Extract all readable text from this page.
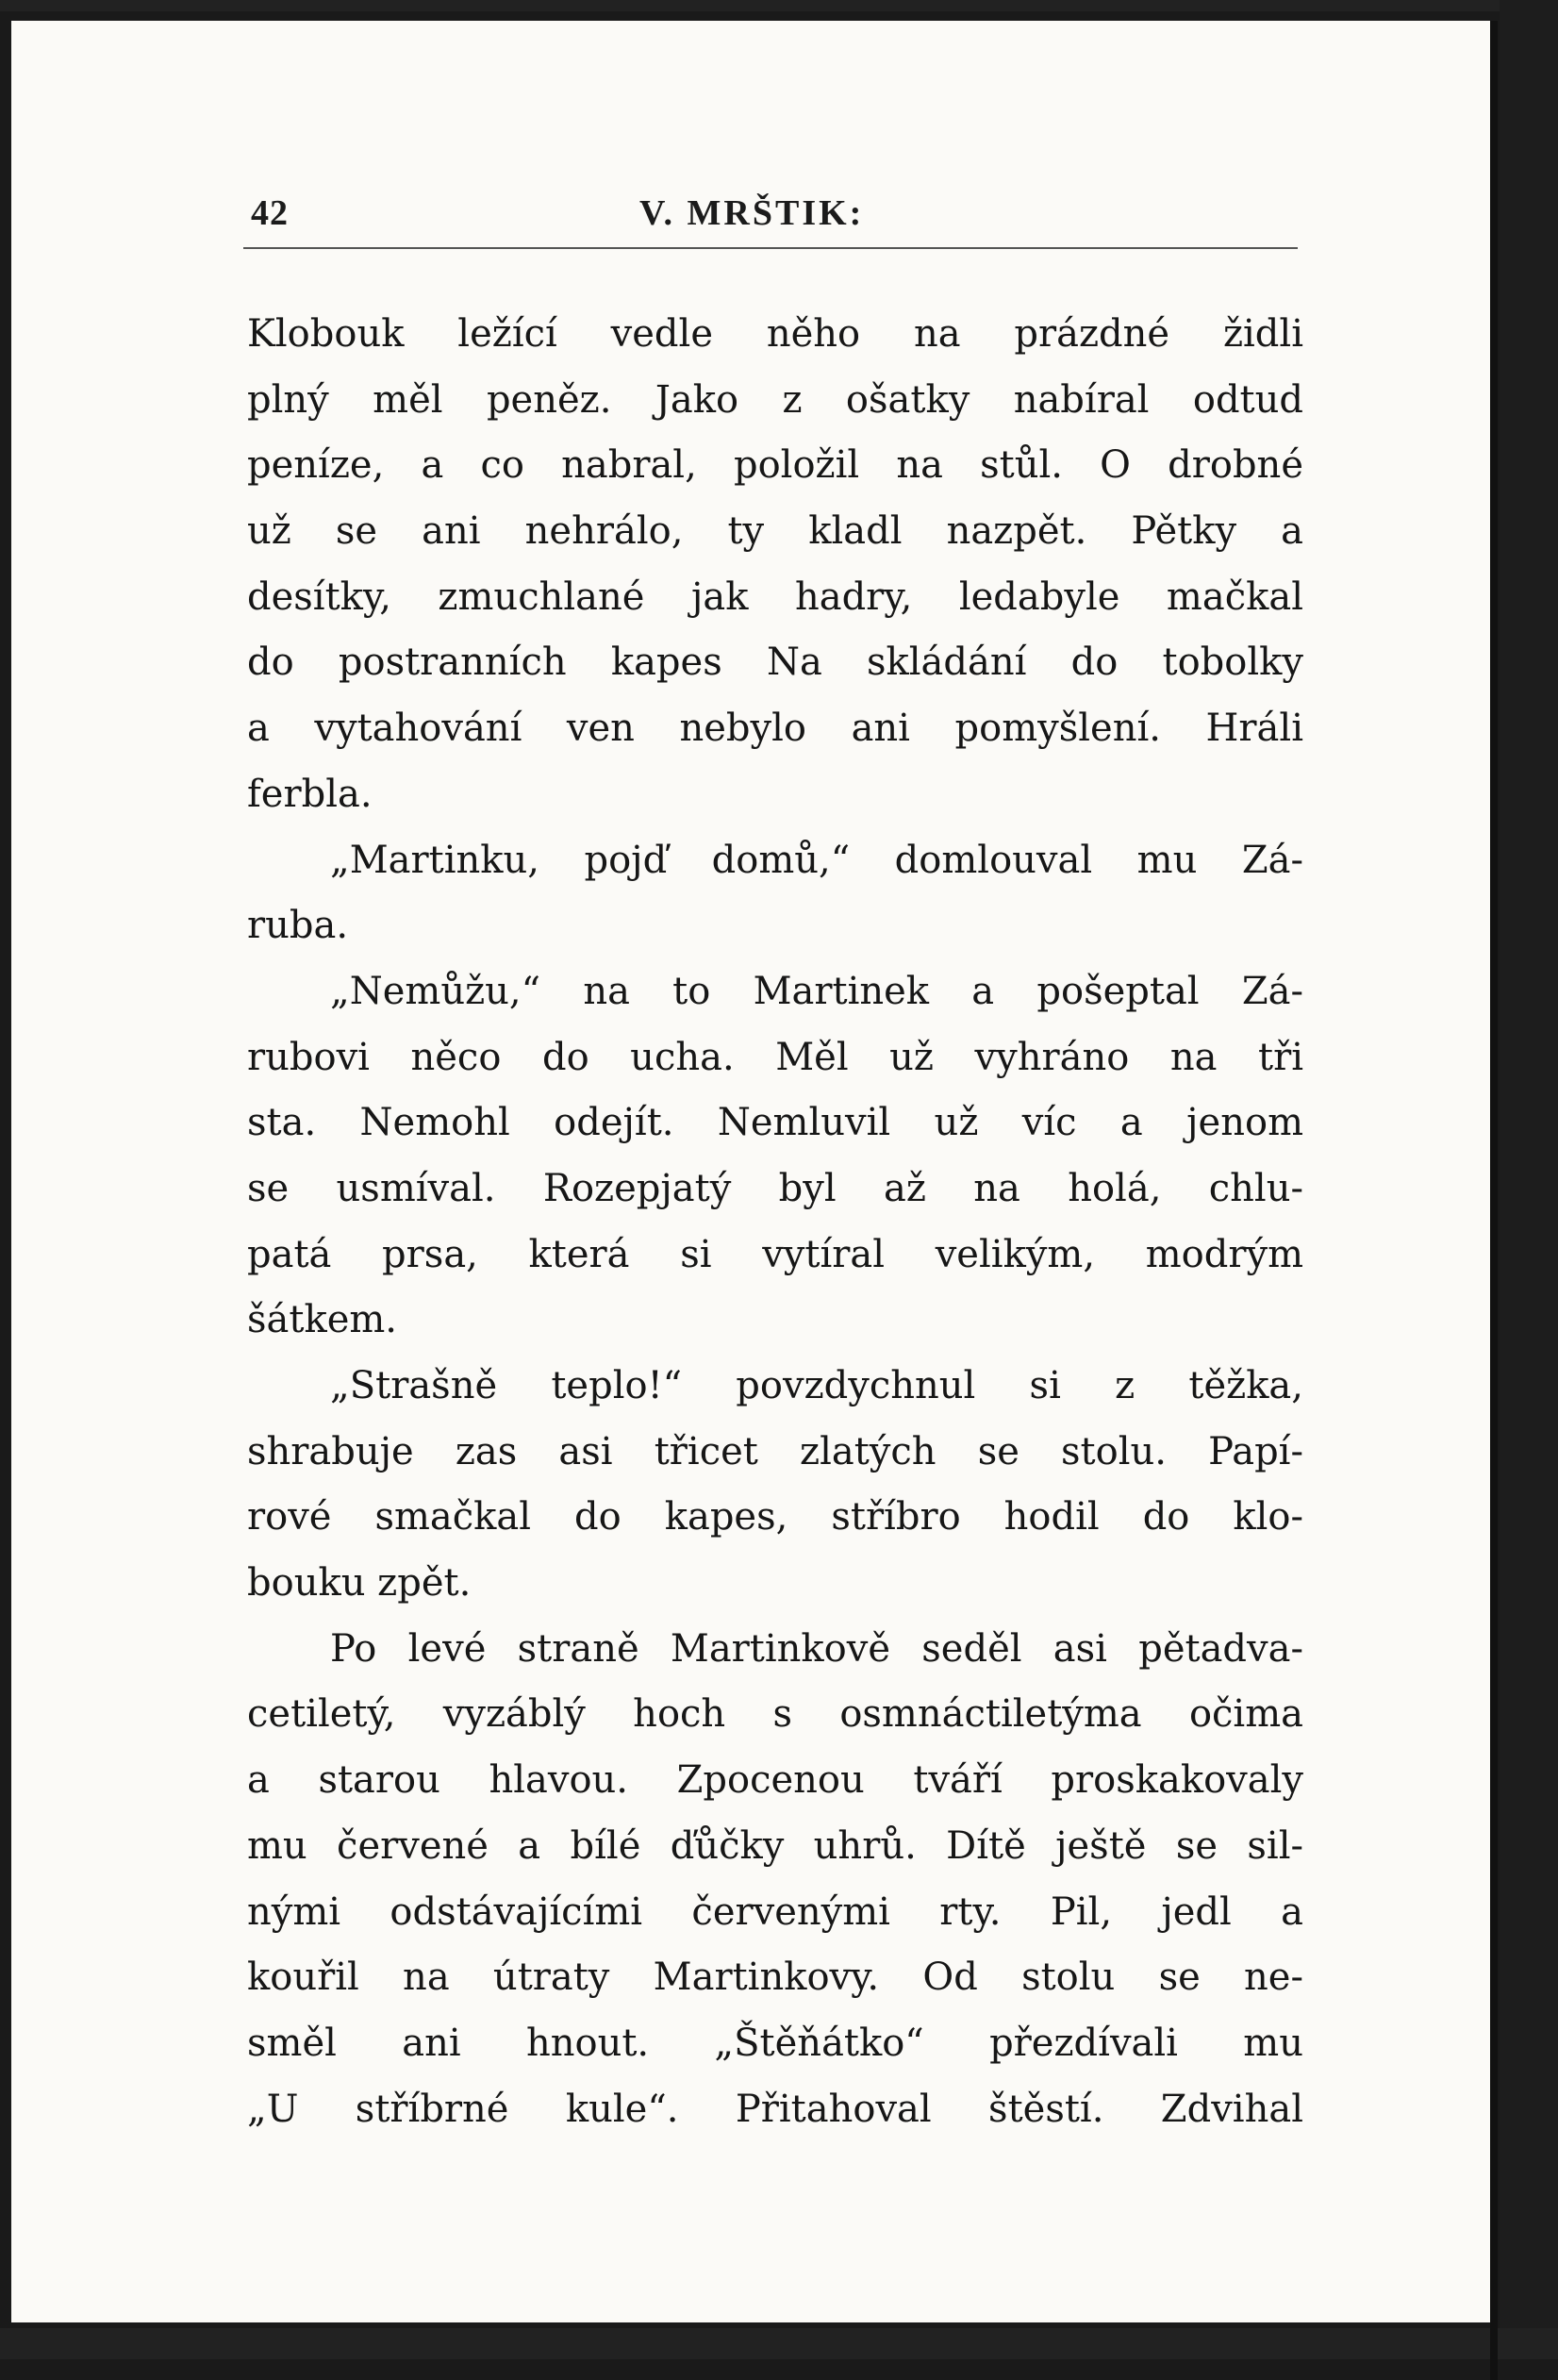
42	V. MRŠTIK:
Klobouk ležící vedle něho na prázdné židli
plný měl peněz. Jako z ošatky nabíral odtud
peníze, a co nabral, položil na stůl. O drobné
už se ani nehrálo, ty kladl nazpět. Pětky a
desítky, zmuchlané jak hadry, ledabyle mačkal
do postranních kapes Na skládání do tobolky
a vytahování ven nebylo ani pomyšlení. Hráli
ferbla.
„Martinku, pojď domů,“ domlouval mu Zá-
ruba.
„Nemůžu,“ na to Martinek a pošeptal Zá-
rubovi něco do ucha. Měl už vyhráno na tři
sta. Nemohl odejít. Nemluvil už víc a jenom
se usmíval. Rozepjatý byl až na holá, chlu-
patá prsa, která si vytíral velikým, modrým
šátkem.
„Strašně teplo!“ povzdychnul si z těžka,
shrabuje zas asi třicet zlatých se stolu. Papí-
rové smačkal do kapes, stříbro hodil do klo-
bouku zpět.
Po levé straně Martinkově seděl asi pětadva-
cetiletý, vyzáblý hoch s osmnáctiletýma očima
a starou hlavou. Zpocenou tváří proskakovaly
mu červené a bílé ďůčky uhrů. Dítě ještě se sil-
nými odstávajícími červenými rty. Pil, jedl a
kouřil na útraty Martinkovy. Od stolu se ne-
směl ani hnout. „Štěňátko“ přezdívali mu
„U stříbrné kule“. Přitahoval štěstí. Zdvihal
